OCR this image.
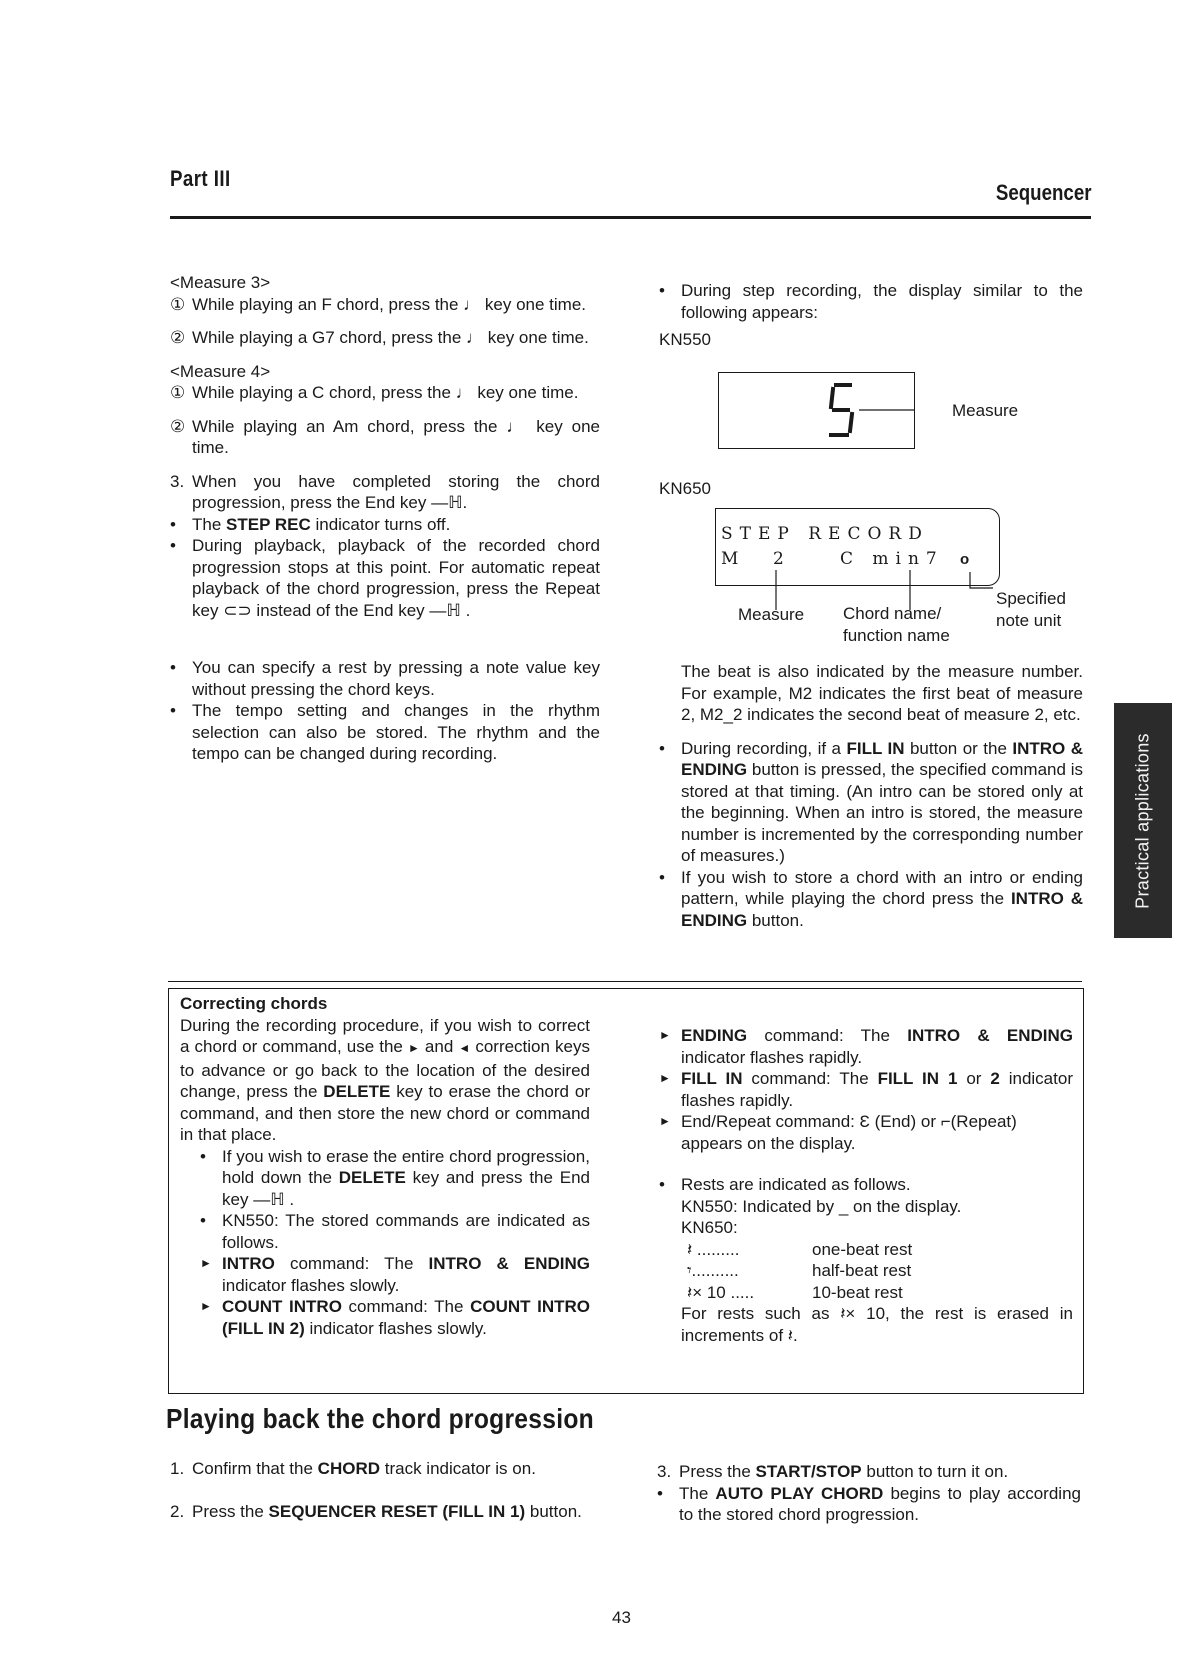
Part III
Sequencer
Practical applications

<Measure 3>

① While playing an F chord, press the ♩ key one time.

② While playing a G7 chord, press the ♩ key one time.

<Measure 4>

① While playing a C chord, press the ♩ key one time.

② While playing an Am chord, press the ♩ key one time.

3. When you have completed storing the chord progression, press the End key —ℍ.

• The STEP REC indicator turns off.

• During playback, playback of the recorded chord progression stops at this point. For automatic repeat playback of the chord progression, press the Repeat key ⊂⊃ instead of the End key —ℍ .

• You can specify a rest by pressing a note value key without pressing the chord keys.

• The tempo setting and changes in the rhythm selection can also be stored. The rhythm and the tempo can be changed during recording.

• During step recording, the display similar to the following appears:

KN550

Measure
KN650
STEP RECORD
M 2	C min7 o
Measure Chord name/ function name
Specified note unit

The beat is also indicated by the measure number. For example, M2 indicates the first beat of measure 2, M2_2 indicates the second beat of measure 2, etc.

• During recording, if a FILL IN button or the INTRO & ENDING button is pressed, the specified command is stored at that timing. (An intro can be stored only at the beginning. When an intro is stored, the measure number is incremented by the corresponding number of measures.)

• If you wish to store a chord with an intro or ending pattern, while playing the chord press the INTRO & ENDING button.

Correcting chords

During the recording procedure, if you wish to correct a chord or command, use the ► and ◄ correction keys to advance or go back to the location of the desired change, press the DELETE key to erase the chord or command, and then store the new chord or command in that place.

• If you wish to erase the entire chord progression, hold down the DELETE key and press the End key —ℍ .

• KN550: The stored commands are indicated as follows.

► INTRO command: The INTRO & ENDING indicator flashes slowly.

► COUNT INTRO command: The COUNT INTRO (FILL IN 2) indicator flashes slowly.

► ENDING command: The INTRO & ENDING indicator flashes rapidly.

► FILL IN command: The FILL IN 1 or 2 indicator flashes rapidly.

► End/Repeat command: Ɛ (End) or ⌐(Repeat) appears on the display.

• Rests are indicated as follows.

KN550: Indicated by _ on the display.

KN650:

𝄽 .........	one-beat rest
𝄾..........	half-beat rest
𝄽× 10 .....	10-beat rest

For rests such as 𝄽× 10, the rest is erased in increments of 𝄽.

Playing back the chord progression
1. Confirm that the CHORD track indicator is on.

2. Press the SEQUENCER RESET (FILL IN 1) button.

3. Press the START/STOP button to turn it on.

• The AUTO PLAY CHORD begins to play according to the stored chord progression.

43
